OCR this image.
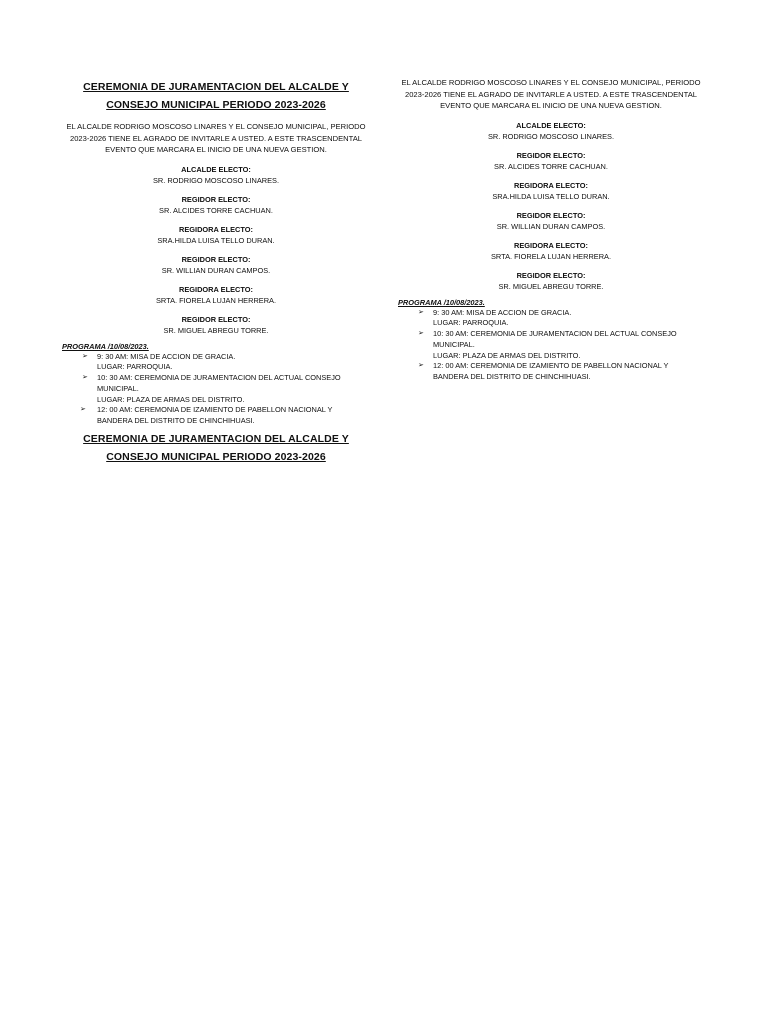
CEREMONIA DE JURAMENTACION DEL ALCALDE Y
CONSEJO MUNICIPAL PERIODO 2023-2026

EL ALCALDE RODRIGO MOSCOSO LINARES Y EL CONSEJO MUNICIPAL, PERIODO
2023-2026 TIENE EL AGRADO DE INVITARLE A USTED. A ESTE TRASCENDENTAL
EVENTO QUE MARCARA EL INICIO DE UNA NUEVA GESTION.

ALCALDE ELECTO:
SR. RODRIGO MOSCOSO LINARES.
REGIDOR ELECTO:
SR. ALCIDES TORRE CACHUAN.
REGIDORA ELECTO:
SRA.HILDA LUISA TELLO DURAN.
REGIDOR ELECTO:
SR. WILLIAN DURAN CAMPOS.
REGIDORA ELECTO:
SRTA. FIORELA LUJAN HERRERA.
REGIDOR ELECTO:
SR. MIGUEL ABREGU TORRE.

PROGRAMA /10/08/2023.

➢ 9: 30 AM: MISA DE ACCION DE GRACIA.
LUGAR: PARROQUIA.
➢ 10: 30 AM: CEREMONIA DE JURAMENTACION DEL ACTUAL CONSEJO
MUNICIPAL.
LUGAR: PLAZA DE ARMAS DEL DISTRITO.
➢ 12: 00 AM: CEREMONIA DE IZAMIENTO DE PABELLON NACIONAL Y
BANDERA DEL DISTRITO DE CHINCHIHUASI.
CEREMONIA DE JURAMENTACION DEL ALCALDE Y
CONSEJO MUNICIPAL PERIODO 2023-2026

EL ALCALDE RODRIGO MOSCOSO LINARES Y EL CONSEJO MUNICIPAL, PERIODO
2023-2026 TIENE EL AGRADO DE INVITARLE A USTED. A ESTE TRASCENDENTAL
EVENTO QUE MARCARA EL INICIO DE UNA NUEVA GESTION.

ALCALDE ELECTO:
SR. RODRIGO MOSCOSO LINARES.
REGIDOR ELECTO:
SR. ALCIDES TORRE CACHUAN.
REGIDORA ELECTO:
SRA.HILDA LUISA TELLO DURAN.
REGIDOR ELECTO:
SR. WILLIAN DURAN CAMPOS.
REGIDORA ELECTO:
SRTA. FIORELA LUJAN HERRERA.
REGIDOR ELECTO:
SR. MIGUEL ABREGU TORRE.

PROGRAMA /10/08/2023.

➢ 9: 30 AM: MISA DE ACCION DE GRACIA.
LUGAR: PARROQUIA.
➢ 10: 30 AM: CEREMONIA DE JURAMENTACION DEL ACTUAL CONSEJO
MUNICIPAL.
LUGAR: PLAZA DE ARMAS DEL DISTRITO.
➢ 12: 00 AM: CEREMONIA DE IZAMIENTO DE PABELLON NACIONAL Y
BANDERA DEL DISTRITO DE CHINCHIHUASI.
